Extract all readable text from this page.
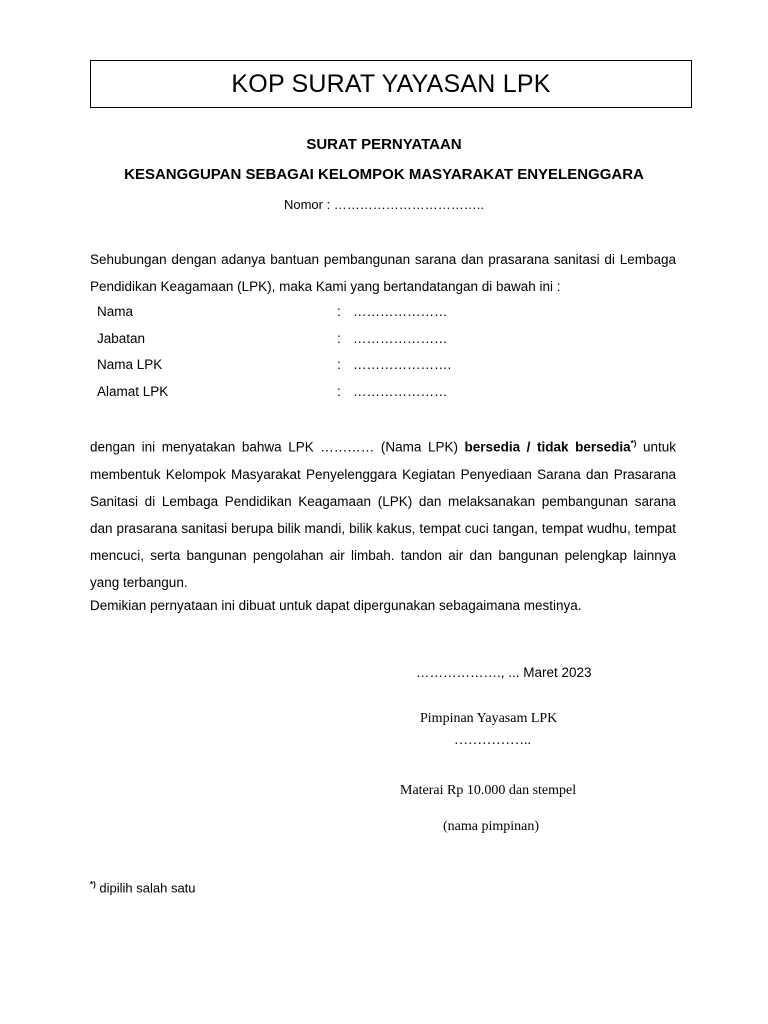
KOP SURAT YAYASAN LPK
SURAT PERNYATAAN
KESANGGUPAN SEBAGAI KELOMPOK MASYARAKAT ENYELENGGARA
Nomor : ……………………………..
Sehubungan dengan adanya bantuan pembangunan sarana dan prasarana sanitasi di Lembaga Pendidikan Keagamaan (LPK), maka Kami yang bertandatangan di bawah ini :
Nama	: …………………
Jabatan	: …………………
Nama LPK	: ………………….
Alamat LPK	: …………………
dengan ini menyatakan bahwa LPK ………… (Nama LPK) bersedia / tidak bersedia*) untuk membentuk Kelompok Masyarakat Penyelenggara Kegiatan Penyediaan Sarana dan Prasarana Sanitasi di Lembaga Pendidikan Keagamaan (LPK) dan melaksanakan pembangunan sarana dan prasarana sanitasi berupa bilik mandi, bilik kakus, tempat cuci tangan, tempat wudhu, tempat mencuci, serta bangunan pengolahan air limbah. tandon air dan bangunan pelengkap lainnya yang terbangun.
Demikian pernyataan ini dibuat untuk dapat dipergunakan sebagaimana mestinya.
………………., ... Maret 2023
Pimpinan Yayasam LPK
……………..
Materai Rp 10.000 dan stempel
(nama pimpinan)
*) dipilih salah satu
